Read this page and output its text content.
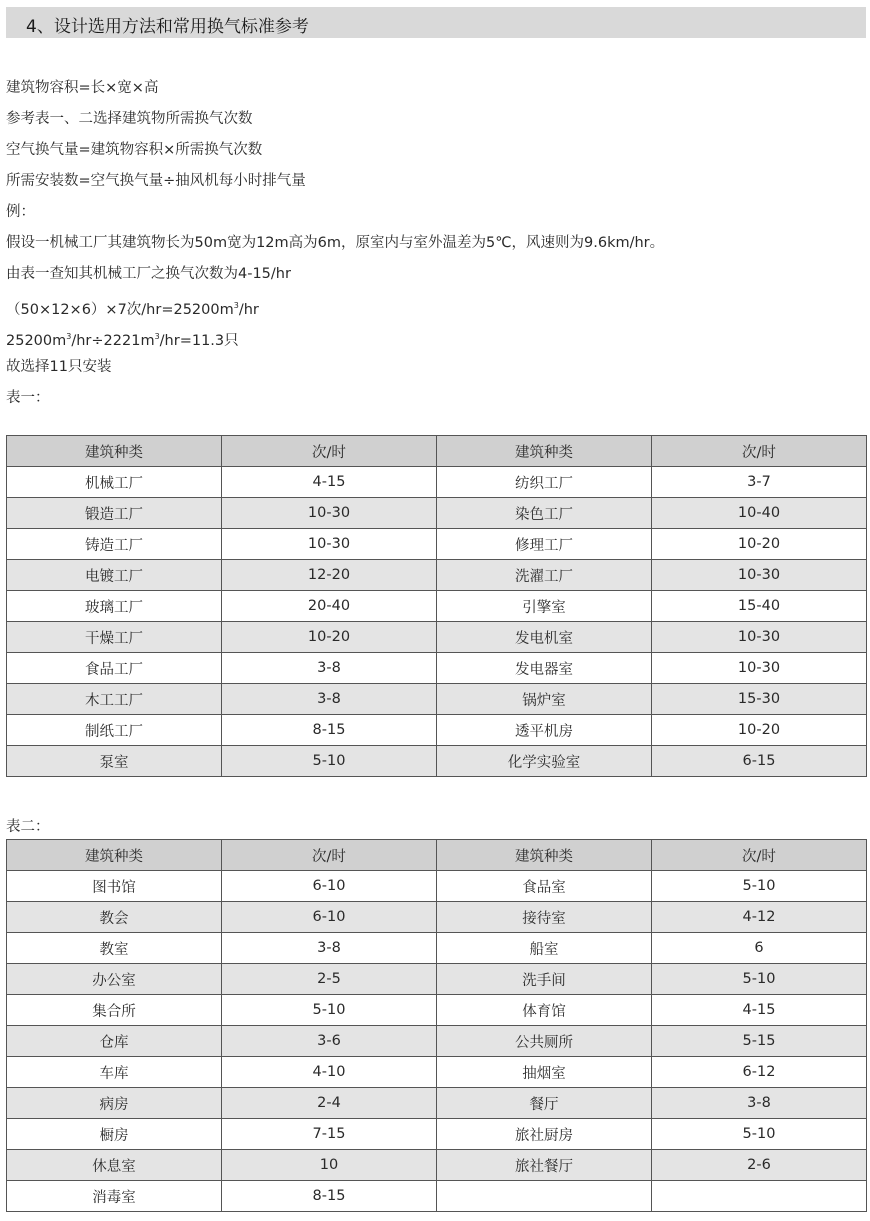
4、设计选用方法和常用换气标准参考
建筑物容积=长×宽×高
参考表一、二选择建筑物所需换气次数
空气换气量=建筑物容积×所需换气次数
所需安装数=空气换气量÷抽风机每小时排气量
例：
假设一机械工厂其建筑物长为50m宽为12m高为6m，原室内与室外温差为5℃，风速则为9.6km/hr。
由表一查知其机械工厂之换气次数为4-15/hr
（50×12×6）×7次$/hr=25200m^3/hr$
$25200m^3/hr\div 2221m^3/hr=11.3$只
故选择11只安装
表一：
建筑种类	次/时	建筑种类	次/时
机械工厂	4-15	纺织工厂	3-7
锻造工厂	10-30	染色工厂	10-40
铸造工厂	10-30	修理工厂	10-20
电镀工厂	12-20	洗濯工厂	10-30
玻璃工厂	20-40	引擎室	15-40
干燥工厂	10-20	发电机室	10-30
食品工厂	3-8	发电器室	10-30
木工工厂	3-8	锅炉室	15-30
制纸工厂	8-15	透平机房	10-20
泵室	5-10	化学实验室	6-15
表二：
建筑种类	次/时	建筑种类	次/时
图书馆	6-10	食品室	5-10
教会	6-10	接待室	4-12
教室	3-8	船室	6
办公室	2-5	洗手间	5-10
集合所	5-10	体育馆	4-15
仓库	3-6	公共厕所	5-15
车库	4-10	抽烟室	6-12
病房	2-4	餐厅	3-8
橱房	7-15	旅社厨房	5-10
休息室	10	旅社餐厅	2-6
消毒室	8-15		
